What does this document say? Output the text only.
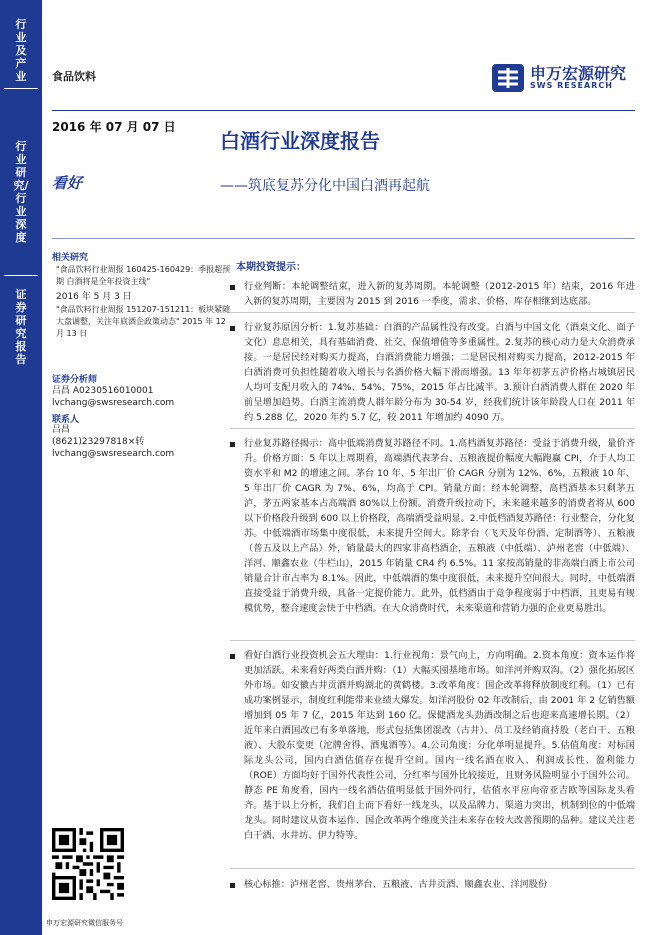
行业及产业
行业研究/行业深度
证券研究报告
食品饮料	申万宏源研究
SWS RESEARCH
2016 年 07 月 07 日
白酒行业深度报告
看好	——筑底复苏分化中国白酒再起航
相关研究
"食品饮料行业周报 160425-160429：季报超预期 白酒将是全年投资主线"
2016 年 5 月 3 日
"食品饮料行业周报 151207-151211：板块紧随大盘调整，关注年底酒企政策动态" 2015 年 12 月 13 日
证券分析师
吕昌 A0230516010001
lvchang@swsresearch.com
联系人
吕昌
(8621)23297818×转
lvchang@swsresearch.com
申万宏源研究微信服务号
本期投资提示：

行业判断：本轮调整结束，进入新的复苏周期。本轮调整（2012-2015 年）结束，2016 年进入新的复苏周期，主要因为 2015 到 2016 一季度，需求、价格、库存相继到达底部。

行业复苏原因分析：1.复苏基础：白酒的产品属性没有改变。白酒与中国文化（酒桌文化、面子文化）息息相关，具有基础消费、社交、保值增值等多重属性。2.复苏的核心动力是大众消费承接。一是居民经对购买力提高，白酒消费能力增强；二是居民相对购买力提高，2012-2015 年白酒消费可负担性随着收入增长与名酒价格大幅下滑而增强。13 年年初茅五泸价格占城镇居民人均可支配月收入的 74%、54%、75%，2015 年占比减半。3.预计白酒消费人群在 2020 年前呈增加趋势。白酒主流消费人群年龄分布为 30-54 岁，经我们统计该年龄段人口在 2011 年约 5.288 亿，2020 年约 5.7 亿，较 2011 年增加约 4090 万。

行业复苏路径揭示：高中低端消费复苏路径不同。1.高档酒复苏路径：受益于消费升级，量价齐升。价格方面：5 年以上周期看，高端酒代表茅台、五粮液提价幅度大幅跑赢 CPI，介于人均工资水平和 M2 的增速之间。茅台 10 年、5 年出厂价 CAGR 分别为 12%、6%，五粮液 10 年、5 年出厂价 CAGR 为 7%、6%，均高于 CPI。销量方面：经本轮调整，高档酒基本只剩茅五泸，茅五两家基本占高端酒 80%以上份额。消费升级拉动下，未来越来越多的消费者将从 600 以下价格段升级到 600 以上价格段，高端酒受益明显。2.中低档酒复苏路径：行业整合，分化复苏。中低端酒市场集中度很低，未来提升空间大。除茅台（飞天及年份酒、定制酒等）、五粮液（普五及以上产品）外，销量最大的四家非高档酒企，五粮液（中低端）、泸州老窖（中低端）、洋河、顺鑫农业（牛栏山），2015 年销量 CR4 约 6.5%。11 家按高销量的非高端白酒上市公司销量合计市占率为 8.1%。因此，中低端酒的集中度很低，未来提升空间很大。同时，中低端酒直接受益于消费升级，具备一定提价能力。此外，低档酒由于竞争程度弱于中档酒，且更易有规模优势，整合速度会快于中档酒。在大众消费时代，未来渠道和营销力强的企业更易胜出。

看好白酒行业投资机会五大理由：1.行业视角：景气向上，方向明确。2.资本角度：资本运作将更加活跃。未来看好两类白酒并购：（1）大幅买囤基地市场。如洋河并购双沟。（2）强化拓展区外市场。如安徽古井贡酒并购湖北的黄鹤楼。3.改革角度：国企改革将释放制度红利。（1）已有成功案例显示，制度红利能带来业绩大爆发。如洋河股份 02 年改制后，由 2001 年 2 亿销售额增加到 05 年 7 亿，2015 年达到 160 亿。保健酒龙头劲酒改制之后也迎来高速增长期。（2）近年来白酒国改已有多单落地，形式包括集团混改（古井）、员工及经销商持股（老白干、五粮液）、大股东变更（沱牌舍得、酒鬼酒等）。4.公司角度：分化单明显提升。5.估值角度：对标国际龙头公司，国内白酒估值存在提升空间。国内一线名酒在收入、利润成长性、盈利能力（ROE）方面均好于国外代表性公司，分红率与国外比较接近，且财务风险明显小于国外公司。静态 PE 角度看，国内一线名酒估值明显低于国外同行，估值水平应向帝亚吉欧等国际龙头看齐。基于以上分析，我们自上而下看好一线龙头，以及品牌力、渠道力突出，机制到位的中低端龙头。同时建议从资本运作、国企改革两个维度关注未来存在较大改善预期的品种。建议关注老白干酒、水井坊、伊力特等。

核心标推：泸州老窖、贵州茅台、五粮液、古井贡酒、顺鑫农业、洋河股份
